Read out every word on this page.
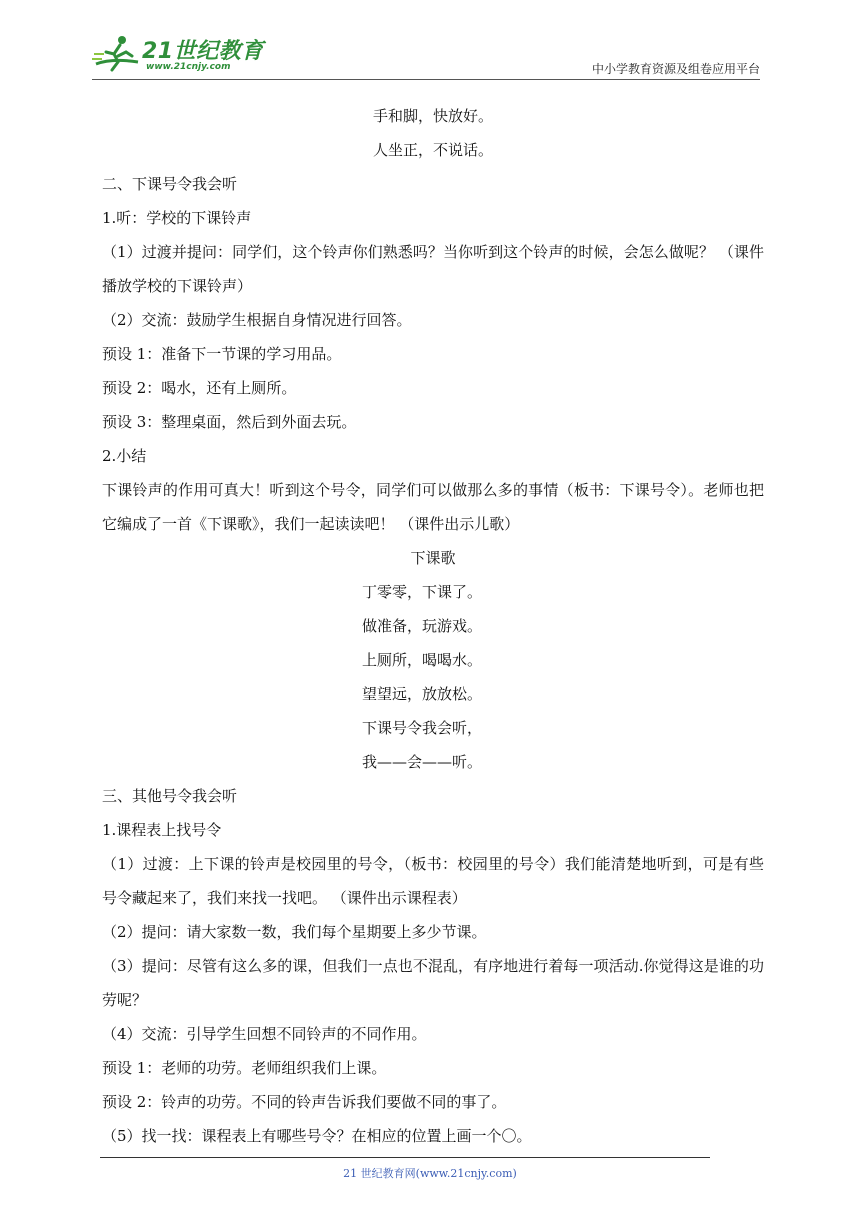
21世纪教育
www.21cnjy.com	中小学教育资源及组卷应用平台

手和脚，快放好。

人坐正，不说话。

二、下课号令我会听

1.听：学校的下课铃声

（1）过渡并提问：同学们，这个铃声你们熟悉吗？当你听到这个铃声的时候，会怎么做呢？ （课件播放学校的下课铃声）

（2）交流：鼓励学生根据自身情况进行回答。

预设 1：准备下一节课的学习用品。

预设 2：喝水，还有上厕所。

预设 3：整理桌面，然后到外面去玩。

2.小结

下课铃声的作用可真大！听到这个号令，同学们可以做那么多的事情（板书：下课号令）。老师也把它编成了一首《下课歌》，我们一起读读吧！ （课件出示儿歌）

下课歌

丁零零，下课了。

做准备，玩游戏。

上厕所，喝喝水。

望望远，放放松。

下课号令我会听，

我——会——听。

三、其他号令我会听

1.课程表上找号令

（1）过渡：上下课的铃声是校园里的号令，（板书：校园里的号令）我们能清楚地听到，可是有些号令藏起来了，我们来找一找吧。 （课件出示课程表）

（2）提问：请大家数一数，我们每个星期要上多少节课。

（3）提问：尽管有这么多的课，但我们一点也不混乱，有序地进行着每一项活动.你觉得这是谁的功劳呢？

（4）交流：引导学生回想不同铃声的不同作用。

预设 1：老师的功劳。老师组织我们上课。

预设 2：铃声的功劳。不同的铃声告诉我们要做不同的事了。

（5）找一找：课程表上有哪些号令？在相应的位置上画一个〇。

21 世纪教育网(www.21cnjy.com)
